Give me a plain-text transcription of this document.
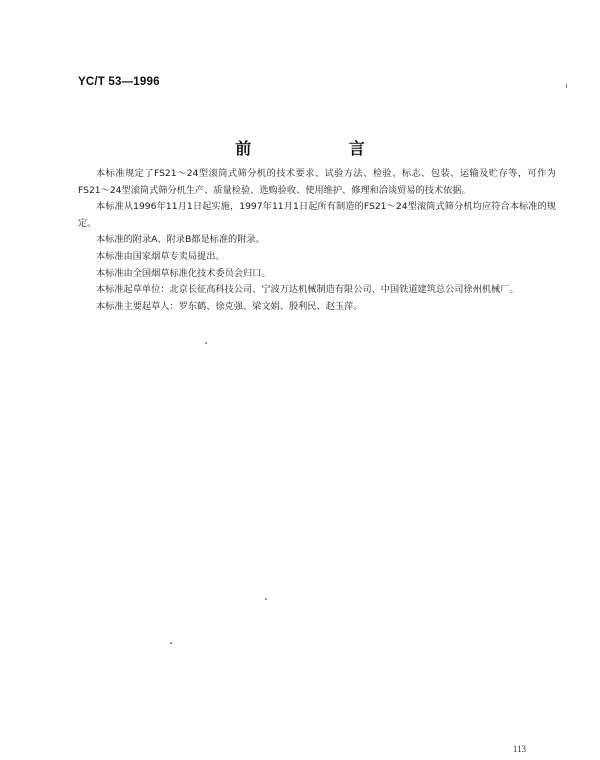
YC/T 53—1996
前 言

本标准规定了FS21～24型滚筒式筛分机的技术要求、试验方法、检验、标志、包装、运输及贮存等，可作为FS21～24型滚筒式筛分机生产、质量检验、选购验收、使用维护、修理和洽谈贸易的技术依据。

本标准从1996年11月1日起实施，1997年11月1日起所有制造的FS21～24型滚筒式筛分机均应符合本标准的规定。

本标准的附录A、附录B都是标准的附录。

本标准由国家烟草专卖局提出。

本标准由全国烟草标准化技术委员会归口。

本标准起草单位：北京长征高科技公司、宁波万达机械制造有限公司、中国铁道建筑总公司徐州机械厂。

本标准主要起草人：罗东鹤、徐克强、梁文娟、殷利民、赵玉萍。

113
